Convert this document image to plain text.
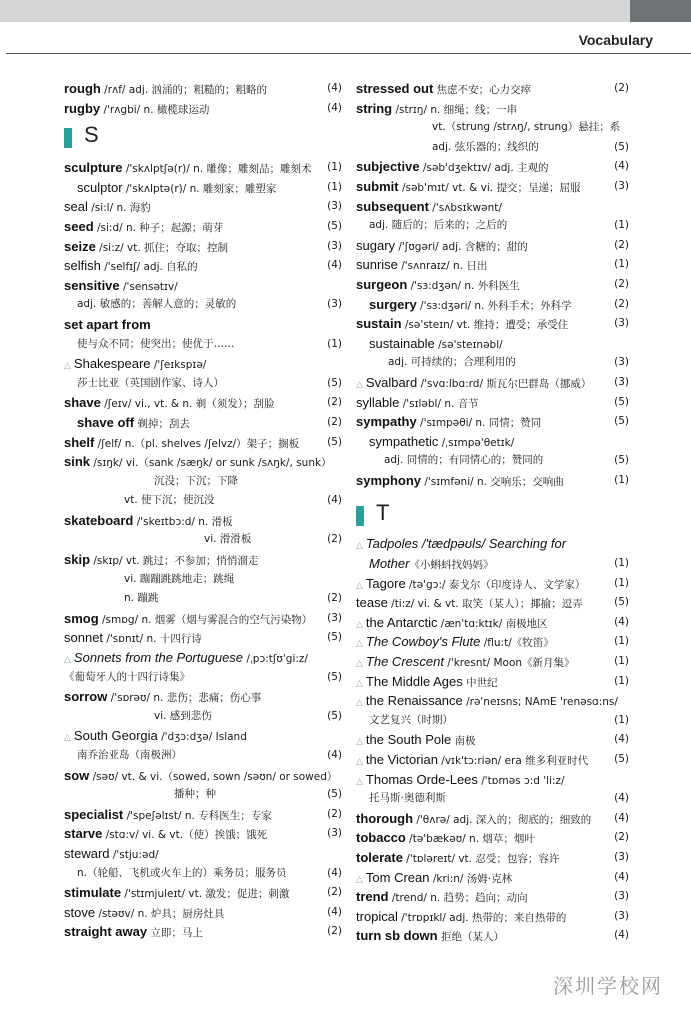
Vocabulary
rough /rʌf/ adj. 汹涌的；粗糙的；粗略的	(4)
rugby /'rʌgbi/ n. 橄榄球运动	(4)
S
sculpture /'skʌlptʃə(r)/ n. 雕像；雕刻品；雕刻术 (1)
sculptor /'skʌlptə(r)/ n. 雕刻家；雕塑家	(1)
seal /si:l/ n. 海豹	(3)
seed /si:d/ n. 种子；起源；萌芽	(5)
seize /si:z/ vt. 抓住；夺取；控制	(3)
selfish /'selfɪʃ/ adj. 自私的	(4)
sensitive /'sensətɪv/
adj. 敏感的；善解人意的；灵敏的	(3)
set apart from
使与众不同；使突出；使优于……	(1)
△ Shakespeare /'ʃeɪkspɪə/
莎士比亚（英国剧作家、诗人）	(5)
shave /ʃeɪv/ vi., vt. & n. 剃（须发）；刮脸	(2)
shave off 剃掉；刮去	(2)
shelf /ʃelf/ n.（pl. shelves /ʃelvz/）架子；搁板	(5)
sink /sɪŋk/ vi.（sank /sæŋk/ or sunk /sʌŋk/, sunk）
沉没；下沉；下降
vt. 使下沉；使沉没	(4)
skateboard /'skeɪtbɔ:d/ n. 滑板
vi. 滑滑板	(2)
skip /skɪp/ vt. 跳过；不参加；悄悄溜走
vi. 蹦蹦跳跳地走；跳绳
n. 蹦跳	(2)
smog /smɒg/ n. 烟雾（烟与雾混合的空气污染物） (3)
sonnet /'sɒnɪt/ n. 十四行诗	(5)
△ Sonnets from the Portuguese /ˌpɔ:tʃʊ'gi:z/
《葡萄牙人的十四行诗集》	(5)
sorrow /'sɒrəʊ/ n. 悲伤；悲痛；伤心事
vi. 感到悲伤	(5)
△ South Georgia /'dʒɔ:dʒə/ Island
南乔治亚岛（南极洲）	(4)
sow /səʊ/ vt. & vi.（sowed, sown /səʊn/ or sowed）
播种；种	(5)
specialist /'speʃəlɪst/ n. 专科医生；专家	(2)
starve /stɑ:v/ vi. & vt.（使）挨饿；饿死	(3)
steward /'stju:əd/
n.（轮船、飞机或火车上的）乘务员；服务员	(4)
stimulate /'stɪmjuleɪt/ vt. 激发；促进；刺激	(2)
stove /stəʊv/ n. 炉具；厨房灶具	(4)
straight away 立即；马上	(2)
stressed out 焦虑不安；心力交瘁	(2)
string /strɪŋ/ n. 细绳；线；一串
vt.（strung /strʌŋ/, strung）悬挂；系
adj. 弦乐器的；线织的	(5)
subjective /səb'dʒektɪv/ adj. 主观的	(4)
submit /səb'mɪt/ vt. & vi. 提交；呈递；屈服	(3)
subsequent /'sʌbsɪkwənt/
adj. 随后的；后来的；之后的	(1)
sugary /'ʃʊgəri/ adj. 含糖的；甜的	(2)
sunrise /'sʌnraɪz/ n. 日出	(1)
surgeon /'sɜ:dʒən/ n. 外科医生	(2)
surgery /'sɜ:dʒəri/ n. 外科手术；外科学	(2)
sustain /sə'steɪn/ vt. 维持；遭受；承受住	(3)
sustainable /sə'steɪnəbl/
adj. 可持续的；合理利用的	(3)
△ Svalbard /'svɑ:lbɑ:rd/ 斯瓦尔巴群岛（挪威） (3)
syllable /'sɪləbl/ n. 音节	(5)
sympathy /'sɪmpəθi/ n. 同情；赞同	(5)
sympathetic /ˌsɪmpə'θetɪk/
adj. 同情的；有同情心的；赞同的	(5)
symphony /'sɪmfəni/ n. 交响乐；交响曲	(1)
T
△ Tadpoles /'tædpəʊls/ Searching for
Mother《小蝌蚪找妈妈》	(1)
△ Tagore /tə'gɔ:/ 泰戈尔（印度诗人、文学家）	(1)
tease /ti:z/ vi. & vt. 取笑（某人）；揶揄；逗弄	(5)
△ the Antarctic /æn'tɑ:ktɪk/ 南极地区	(4)
△ The Cowboy's Flute /flu:t/《牧笛》	(1)
△ The Crescent /'kresnt/ Moon《新月集》	(1)
△ The Middle Ages 中世纪	(1)
△ the Renaissance /rə'neɪsns; NAmE 'renəsɑ:ns/
文艺复兴（时期）	(1)
△ the South Pole 南极	(4)
△ the Victorian /vɪk'tɔ:riən/ era 维多利亚时代 (5)
△ Thomas Orde-Lees /'tɒməs ɔ:d 'li:z/
托马斯·奥德利斯	(4)
thorough /'θʌrə/ adj. 深入的；彻底的；细致的 (4)
tobacco /tə'bækəʊ/ n. 烟草；烟叶	(2)
tolerate /'tɒləreɪt/ vt. 忍受；包容；容许	(3)
△ Tom Crean /kri:n/ 汤姆·克林	(4)
trend /trend/ n. 趋势；趋向；动向	(3)
tropical /'trɒpɪkl/ adj. 热带的；来自热带的	(3)
turn sb down 拒绝（某人）	(4)
深圳学校网
